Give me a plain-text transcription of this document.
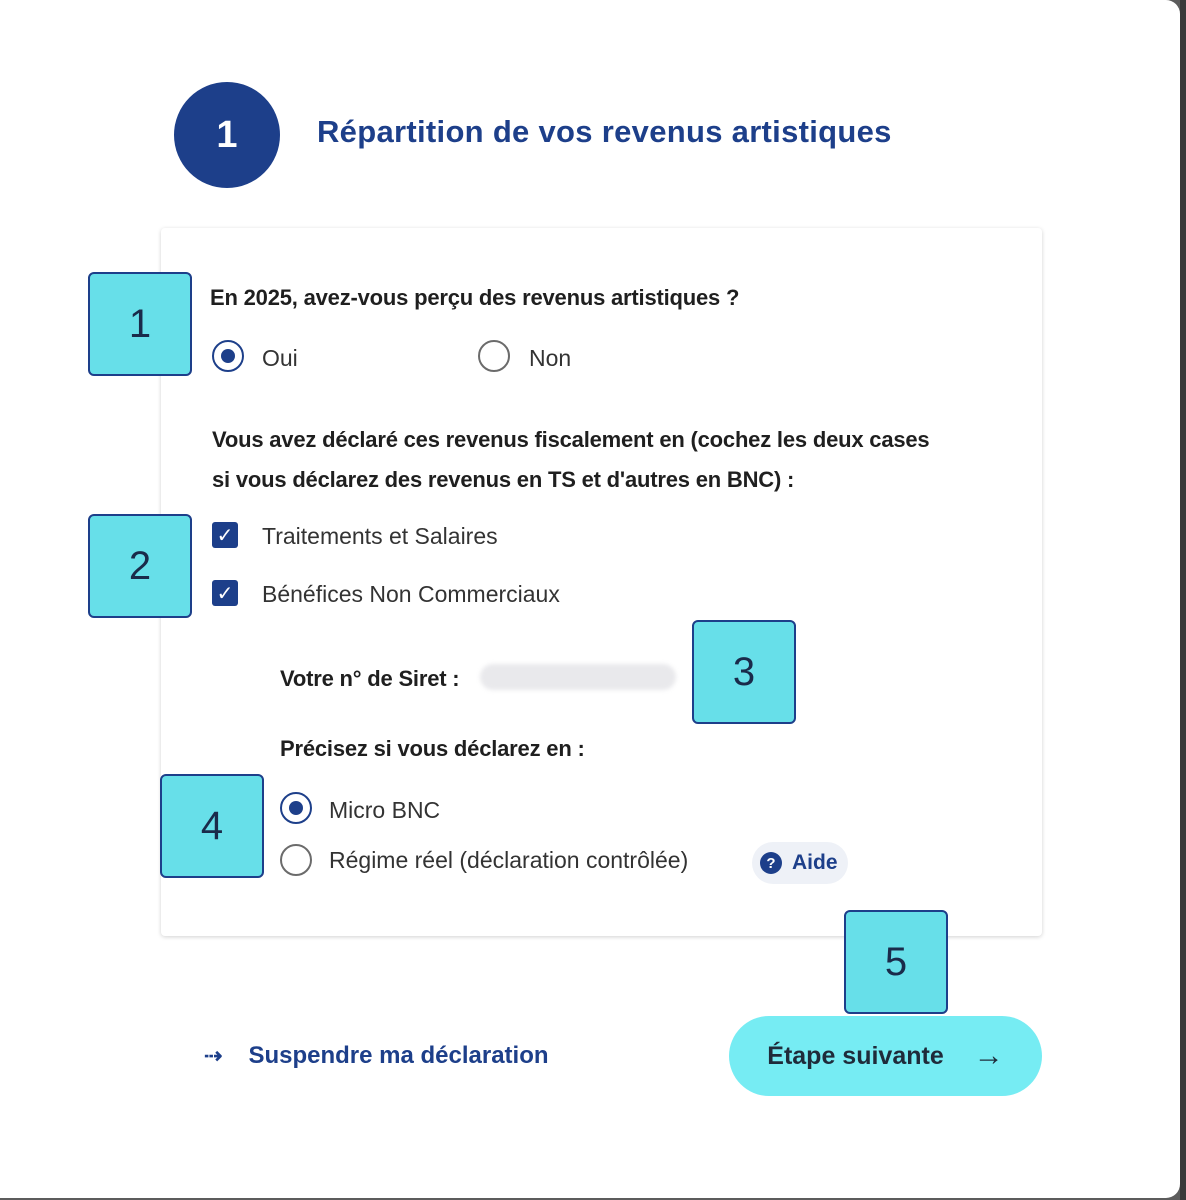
1	Répartition de vos revenus artistiques
En 2025, avez-vous perçu des revenus artistiques ?
Oui	Non
Vous avez déclaré ces revenus fiscalement en (cochez les deux cases
si vous déclarez des revenus en TS et d'autres en BNC) :
✓ Traitements et Salaires
✓ Bénéfices Non Commerciaux
Votre n° de Siret :
Précisez si vous déclarez en :
Micro BNC
Régime réel (déclaration contrôlée)	? Aide
1
2
3
4
5
⇢ Suspendre ma déclaration	Étape suivante →
